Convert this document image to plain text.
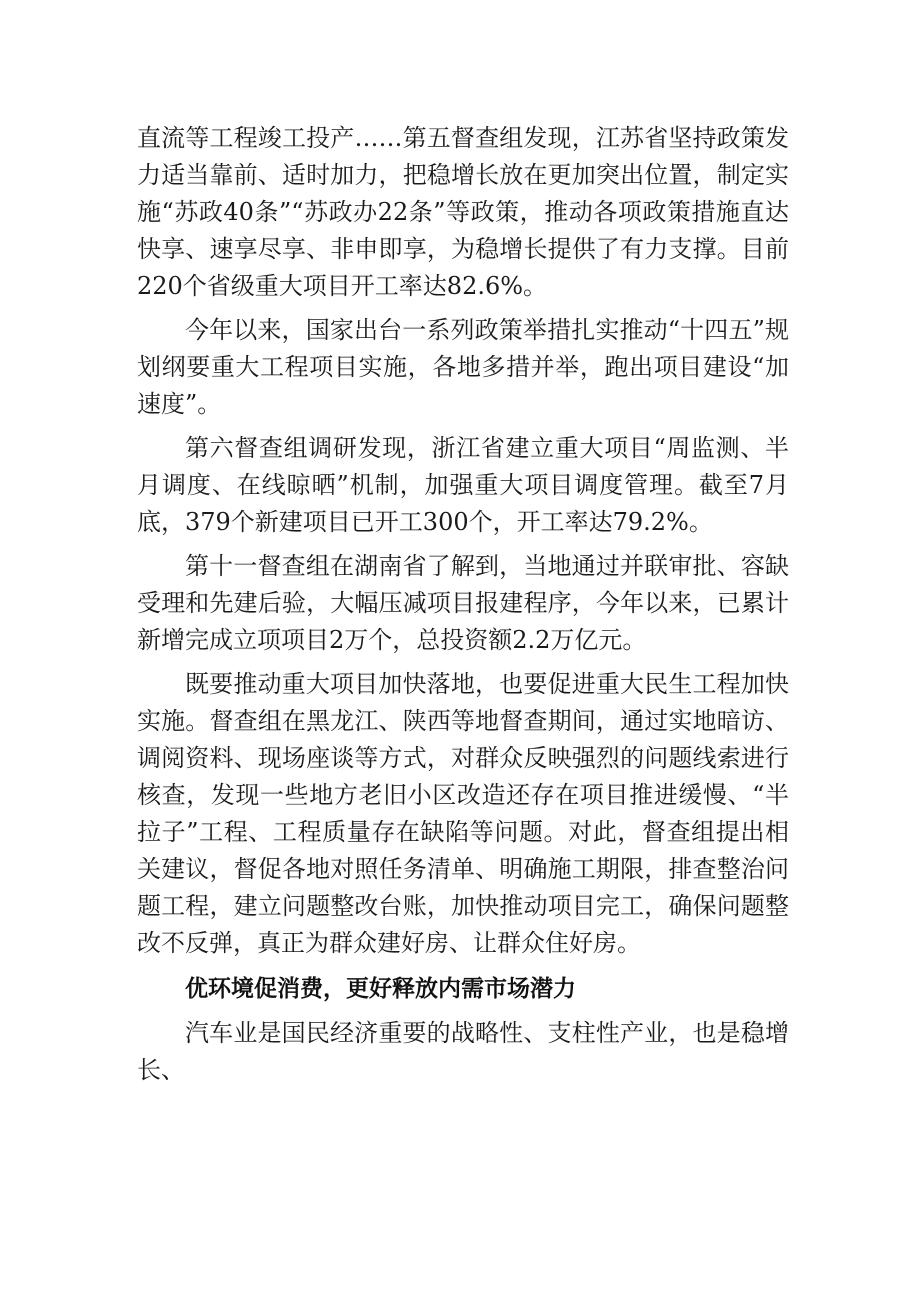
直流等工程竣工投产……第五督查组发现，江苏省坚持政策发力适当靠前、适时加力，把稳增长放在更加突出位置，制定实施“苏政40条”“苏政办22条”等政策，推动各项政策措施直达快享、速享尽享、非申即享，为稳增长提供了有力支撑。目前220个省级重大项目开工率达82.6%。

今年以来，国家出台一系列政策举措扎实推动“十四五”规划纲要重大工程项目实施，各地多措并举，跑出项目建设“加速度”。

第六督查组调研发现，浙江省建立重大项目“周监测、半月调度、在线晾晒”机制，加强重大项目调度管理。截至7月底，379个新建项目已开工300个，开工率达79.2%。

第十一督查组在湖南省了解到，当地通过并联审批、容缺受理和先建后验，大幅压减项目报建程序，今年以来，已累计新增完成立项项目2万个，总投资额2.2万亿元。

既要推动重大项目加快落地，也要促进重大民生工程加快实施。督查组在黑龙江、陕西等地督查期间，通过实地暗访、调阅资料、现场座谈等方式，对群众反映强烈的问题线索进行核查，发现一些地方老旧小区改造还存在项目推进缓慢、“半拉子”工程、工程质量存在缺陷等问题。对此，督查组提出相关建议，督促各地对照任务清单、明确施工期限，排查整治问题工程，建立问题整改台账，加快推动项目完工，确保问题整改不反弹，真正为群众建好房、让群众住好房。

优环境促消费，更好释放内需市场潜力

汽车业是国民经济重要的战略性、支柱性产业，也是稳增长、
